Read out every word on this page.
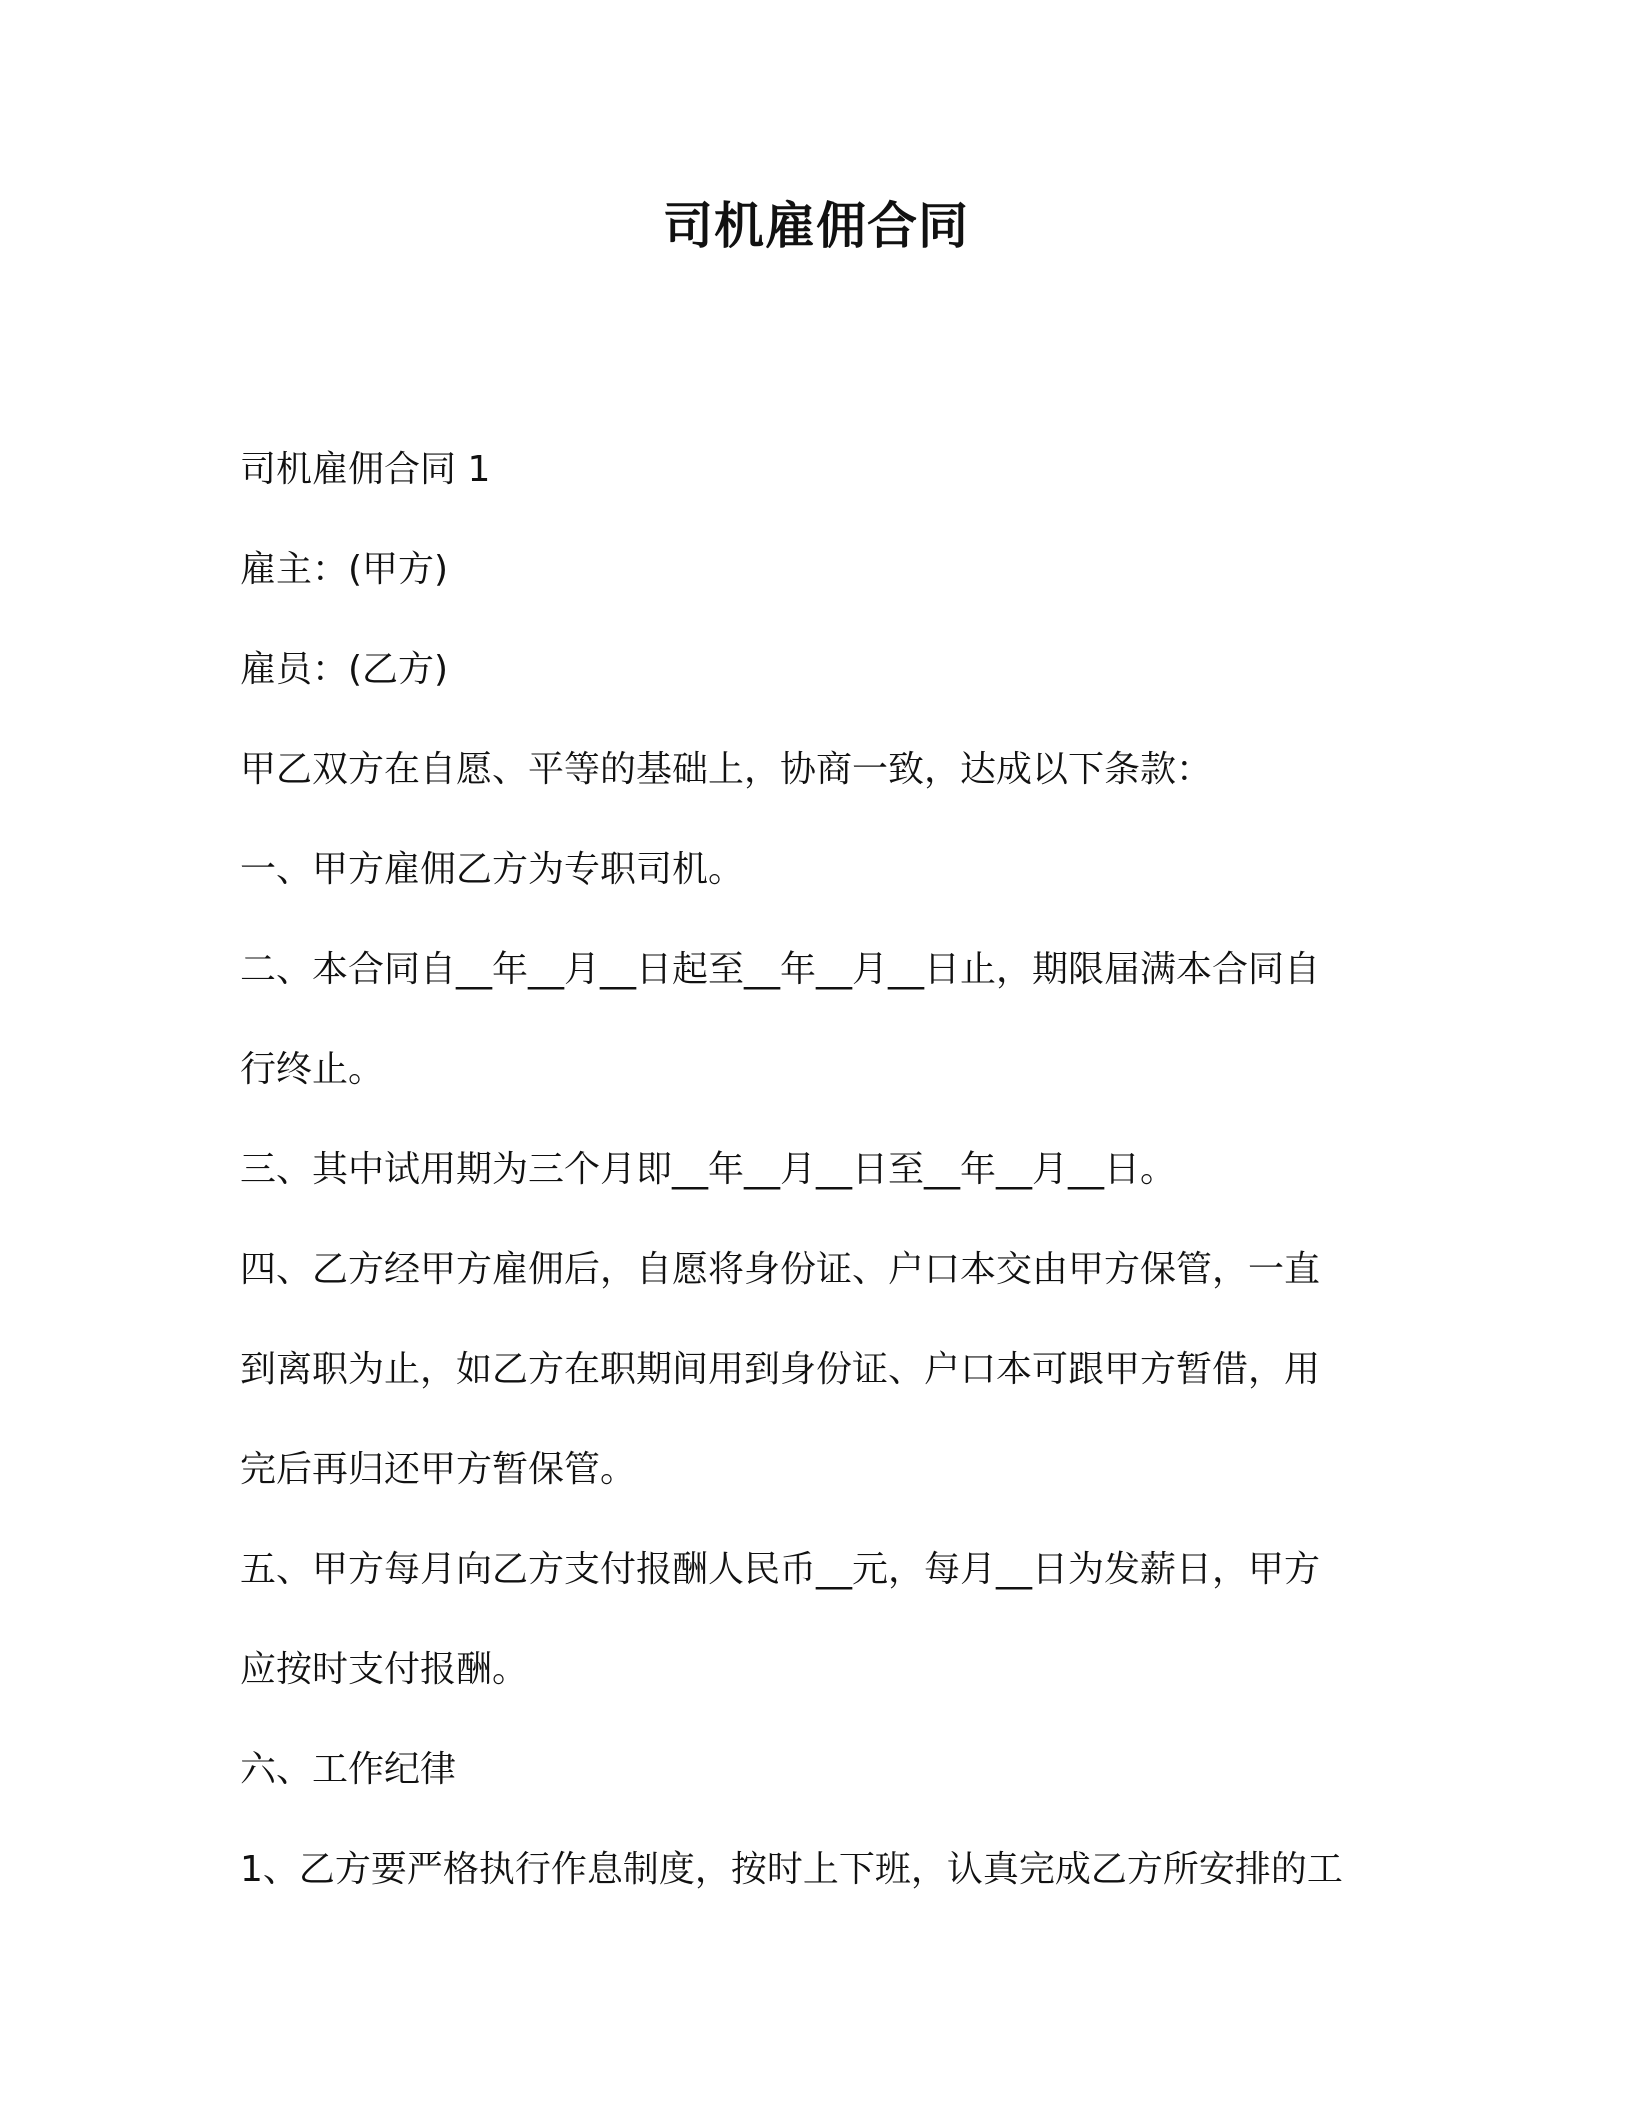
司机雇佣合同

司机雇佣合同 1

雇主：(甲方)

雇员：(乙方)

甲乙双方在自愿、平等的基础上，协商一致，达成以下条款：

一、甲方雇佣乙方为专职司机。

二、本合同自__年__月__日起至__年__月__日止，期限届满本合同自

行终止。

三、其中试用期为三个月即__年__月__日至__年__月__日。

四、乙方经甲方雇佣后，自愿将身份证、户口本交由甲方保管，一直

到离职为止，如乙方在职期间用到身份证、户口本可跟甲方暂借，用

完后再归还甲方暂保管。

五、甲方每月向乙方支付报酬人民币__元，每月__日为发薪日，甲方

应按时支付报酬。

六、工作纪律

1、乙方要严格执行作息制度，按时上下班，认真完成乙方所安排的工
